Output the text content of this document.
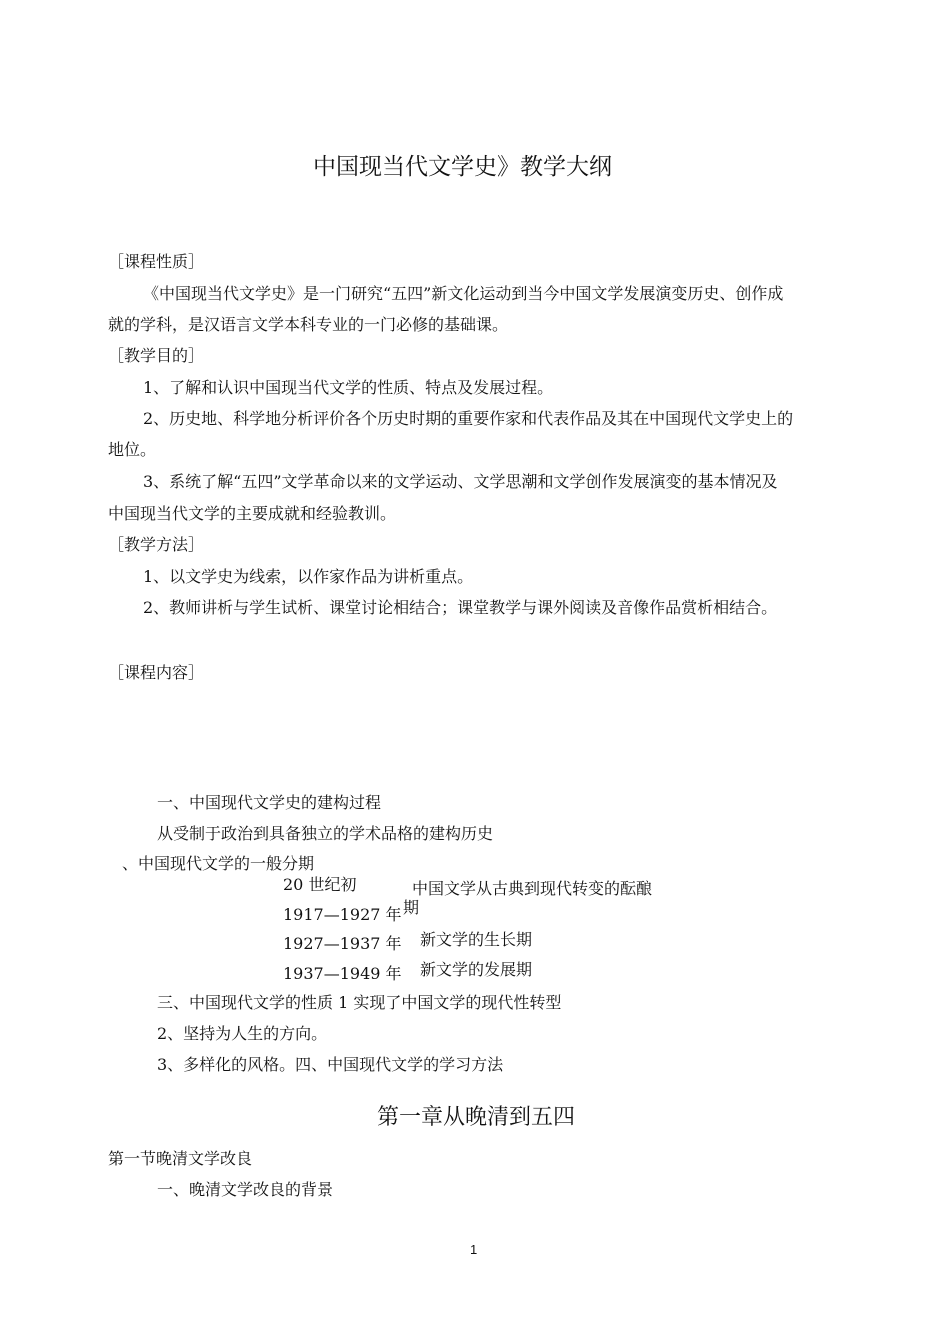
中国现当代文学史》教学大纲
［课程性质］
《中国现当代文学史》是一门研究“五四”新文化运动到当今中国文学发展演变历史、创作成
就的学科，是汉语言文学本科专业的一门必修的基础课。
［教学目的］
1、了解和认识中国现当代文学的性质、特点及发展过程。
2、历史地、科学地分析评价各个历史时期的重要作家和代表作品及其在中国现代文学史上的
地位。
3、系统了解“五四”文学革命以来的文学运动、文学思潮和文学创作发展演变的基本情况及
中国现当代文学的主要成就和经验教训。
［教学方法］
1、以文学史为线索，以作家作品为讲析重点。
2、教师讲析与学生试析、课堂讨论相结合；课堂教学与课外阅读及音像作品赏析相结合。
［课程内容］
一、中国现代文学史的建构过程
从受制于政治到具备独立的学术品格的建构历史
、中国现代文学的一般分期
20 世纪初	中国文学从古典到现代转变的酝酿
期
1917—1927 年
1927—1937 年 新文学的生长期
1937—1949 年 新文学的发展期
三、中国现代文学的性质 1 实现了中国文学的现代性转型
2、坚持为人生的方向。
3、多样化的风格。四、中国现代文学的学习方法
第一章从晚清到五四
第一节晚清文学改良
一、晚清文学改良的背景
1
